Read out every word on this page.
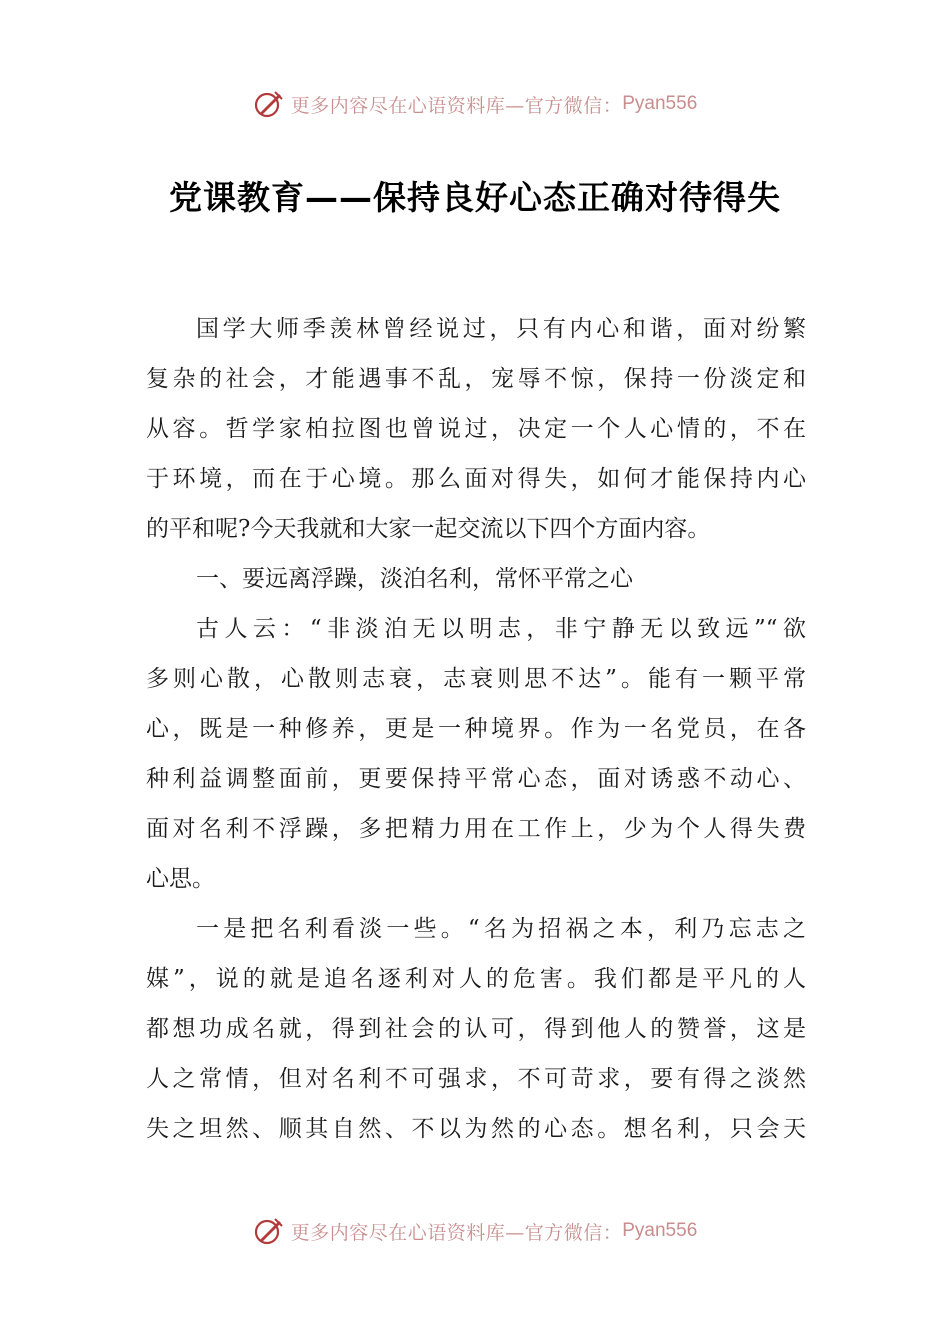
更多内容尽在心语资料库—官方微信： Pyan556
党课教育——保持良好心态正确对待得失
国学大师季羡林曾经说过，只有内心和谐，面对纷繁
复杂的社会，才能遇事不乱，宠辱不惊，保持一份淡定和
从容。哲学家柏拉图也曾说过，决定一个人心情的，不在
于环境，而在于心境。那么面对得失，如何才能保持内心
的平和呢?今天我就和大家一起交流以下四个方面内容。
一、要远离浮躁，淡泊名利，常怀平常之心
古人云：“非淡泊无以明志，非宁静无以致远”“欲
多则心散，心散则志衰，志衰则思不达”。能有一颗平常
心，既是一种修养，更是一种境界。作为一名党员，在各
种利益调整面前，更要保持平常心态，面对诱惑不动心、
面对名利不浮躁，多把精力用在工作上，少为个人得失费
心思。
一是把名利看淡一些。“名为招祸之本，利乃忘志之
媒”，说的就是追名逐利对人的危害。我们都是平凡的人
都想功成名就，得到社会的认可，得到他人的赞誉，这是
人之常情，但对名利不可强求，不可苛求，要有得之淡然
失之坦然、顺其自然、不以为然的心态。想名利，只会天
更多内容尽在心语资料库—官方微信： Pyan556
